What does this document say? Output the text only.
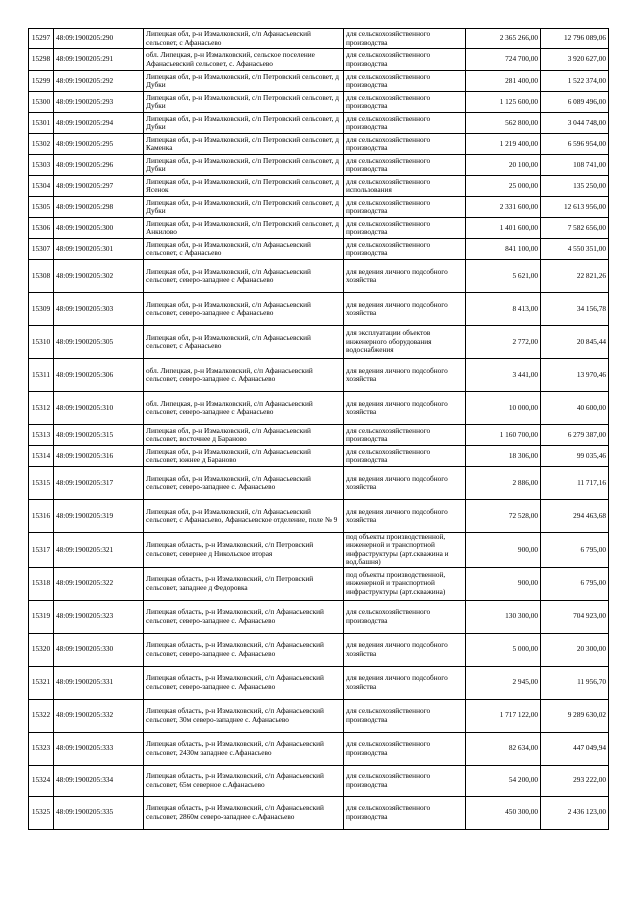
15297	48:09:1900205:290	Липецкая обл, р-н Измалковский, с/п Афанасьевский сельсовет, с Афанасьево	для сельскохозяйственного производства	2 365 266,00	12 796 089,06
15298	48:09:1900205:291	обл. Липецкая, р-н Измалковский, сельское поселение Афанасьевский сельсовет, с. Афанасьево	для сельскохозяйственного производства	724 700,00	3 920 627,00
15299	48:09:1900205:292	Липецкая обл, р-н Измалковский, с/п Петровский сельсовет, д Дубки	для сельскохозяйственного производства	281 400,00	1 522 374,00
15300	48:09:1900205:293	Липецкая обл, р-н Измалковский, с/п Петровский сельсовет, д Дубки	для сельскохозяйственного производства	1 125 600,00	6 089 496,00
15301	48:09:1900205:294	Липецкая обл, р-н Измалковский, с/п Петровский сельсовет, д Дубки	для сельскохозяйственного производства	562 800,00	3 044 748,00
15302	48:09:1900205:295	Липецкая обл, р-н Измалковский, с/п Петровский сельсовет, д Каменка	для сельскохозяйственного производства	1 219 400,00	6 596 954,00
15303	48:09:1900205:296	Липецкая обл, р-н Измалковский, с/п Петровский сельсовет, д Дубки	для сельскохозяйственного производства	20 100,00	108 741,00
15304	48:09:1900205:297	Липецкая обл, р-н Измалковский, с/п Петровский сельсовет, д Ясенок	для сельскохозяйственного использования	25 000,00	135 250,00
15305	48:09:1900205:298	Липецкая обл, р-н Измалковский, с/п Петровский сельсовет, д Дубки	для сельскохозяйственного производства	2 331 600,00	12 613 956,00
15306	48:09:1900205:300	Липецкая обл, р-н Измалковский, с/п Петровский сельсовет, д Анкилово	для сельскохозяйственного производства	1 401 600,00	7 582 656,00
15307	48:09:1900205:301	Липецкая обл, р-н Измалковский, с/п Афанасьевский сельсовет, с Афанасьево	для сельскохозяйственного производства	841 100,00	4 550 351,00
15308	48:09:1900205:302	Липецкая обл, р-н Измалковский, с/п Афанасьевский сельсовет, северо-западнее с Афанасьево	для ведения личного подсобного хозяйства	5 621,00	22 821,26
15309	48:09:1900205:303	Липецкая обл, р-н Измалковский, с/п Афанасьевский сельсовет, северо-западнее с Афанасьево	для ведения личного подсобного хозяйства	8 413,00	34 156,78
15310	48:09:1900205:305	Липецкая обл, р-н Измалковский, с/п Афанасьевский сельсовет, с Афанасьево	для эксплуатации объектов инженерного оборудования водоснабжения	2 772,00	20 845,44
15311	48:09:1900205:306	обл. Липецкая, р-н Измалковский, с/п Афанасьевский сельсовет, северо-западнее с. Афанасьево	для ведения личного подсобного хозяйства	3 441,00	13 970,46
15312	48:09:1900205:310	обл. Липецкая, р-н Измалковский, с/п Афанасьевский сельсовет, северо-западнее с Афанасьево	для ведения личного подсобного хозяйства	10 000,00	40 600,00
15313	48:09:1900205:315	Липецкая обл, р-н Измалковский, с/п Афанасьевский сельсовет, восточнее д Бараново	для сельскохозяйственного производства	1 160 700,00	6 279 387,00
15314	48:09:1900205:316	Липецкая обл, р-н Измалковский, с/п Афанасьевский сельсовет, южнее д Бараново	для сельскохозяйственного производства	18 306,00	99 035,46
15315	48:09:1900205:317	Липецкая обл, р-н Измалковский, с/п Афанасьевский сельсовет, северо-западнее с. Афанасьево	для ведения личного подсобного хозяйства	2 886,00	11 717,16
15316	48:09:1900205:319	Липецкая обл, р-н Измалковский, с/п Афанасьевский сельсовет, с Афанасьево, Афанасьевское отделение, поле № 9	для ведения личного подсобного хозяйства	72 528,00	294 463,68
15317	48:09:1900205:321	Липецкая область, р-н Измалковский, с/п Петровский сельсовет, севернее д Никольское вторая	под объекты производственной, инженерной и транспортной инфраструктуры (арт.скважина и вод.башня)	900,00	6 795,00
15318	48:09:1900205:322	Липецкая область, р-н Измалковский, с/п Петровский сельсовет, западнее д Федоровка	под объекты производственной, инженерной и транспортной инфраструктуры (арт.скважина)	900,00	6 795,00
15319	48:09:1900205:323	Липецкая область, р-н Измалковский, с/п Афанасьевский сельсовет, северо-западнее с. Афанасьево	для сельскохозяйственного производства	130 300,00	704 923,00
15320	48:09:1900205:330	Липецкая область, р-н Измалковский, с/п Афанасьевский сельсовет, северо-западнее с. Афанасьево	для ведения личного подсобного хозяйства	5 000,00	20 300,00
15321	48:09:1900205:331	Липецкая область, р-н Измалковский, с/п Афанасьевский сельсовет, северо-западнее с. Афанасьево	для ведения личного подсобного хозяйства	2 945,00	11 956,70
15322	48:09:1900205:332	Липецкая область, р-н Измалковский, с/п Афанасьевский сельсовет, 30м северо-западнее с. Афанасьево	для сельскохозяйственного производства	1 717 122,00	9 289 630,02
15323	48:09:1900205:333	Липецкая область, р-н Измалковский, с/п Афанасьевский сельсовет, 2430м западнее с.Афанасьево	для сельскохозяйственного производства	82 634,00	447 049,94
15324	48:09:1900205:334	Липецкая область, р-н Измалковский, с/п Афанасьевский сельсовет, 65м северное с.Афанасьево	для сельскохозяйственного производства	54 200,00	293 222,00
15325	48:09:1900205:335	Липецкая область, р-н Измалковский, с/п Афанасьевский сельсовет, 2860м северо-западнее с.Афанасьево	для сельскохозяйственного производства	450 300,00	2 436 123,00
